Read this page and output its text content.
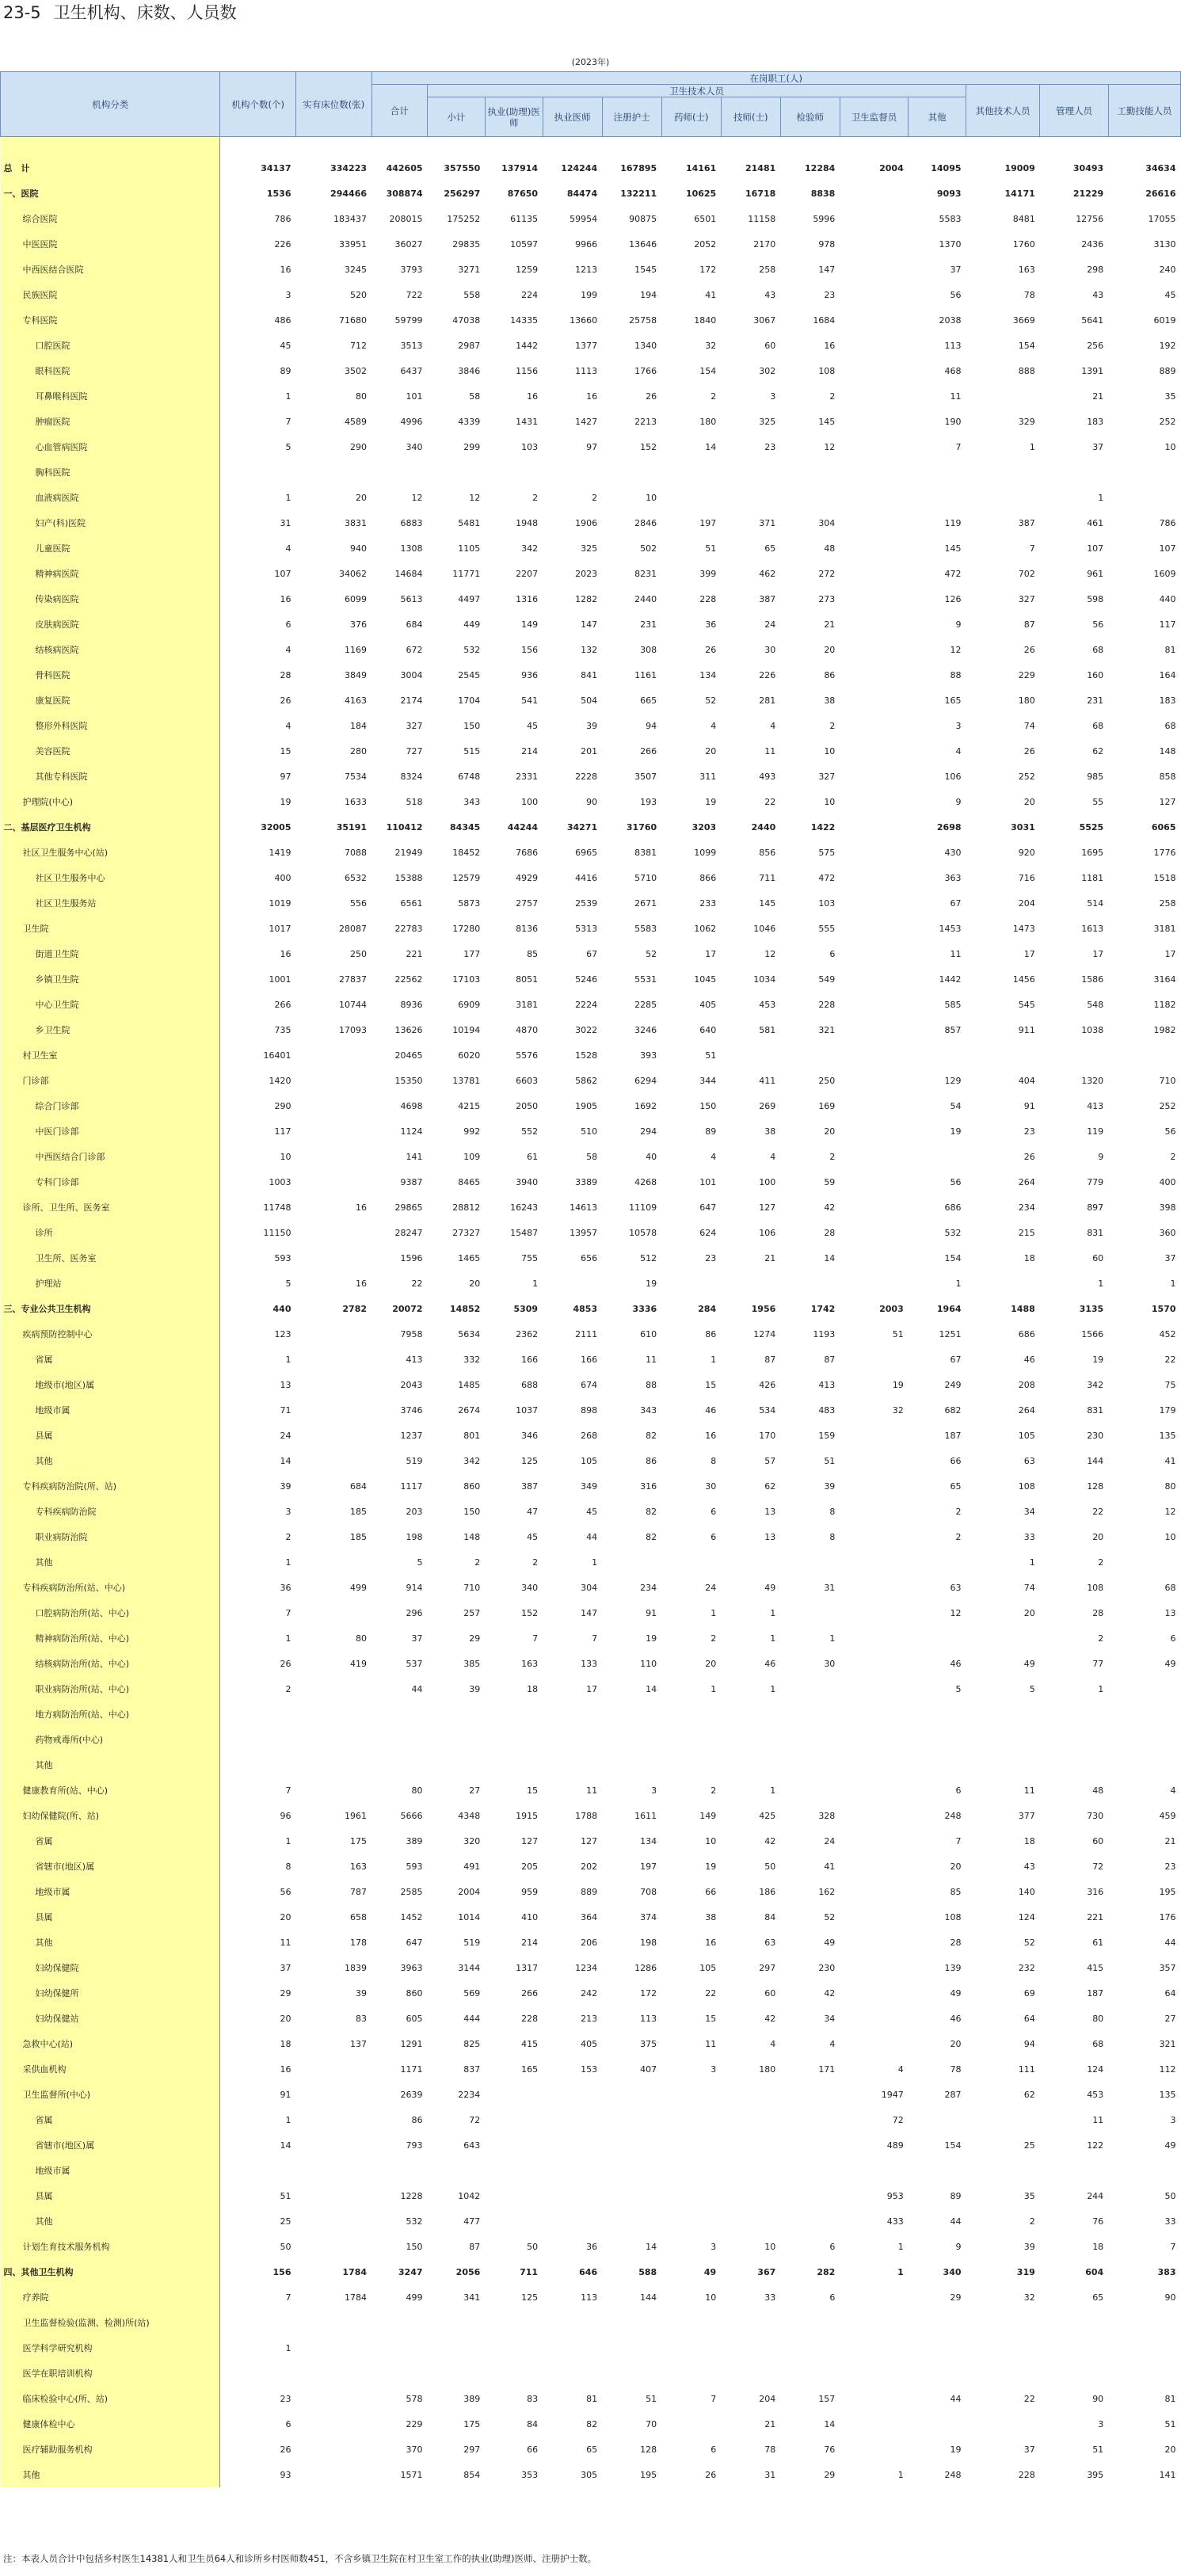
23-5 卫生机构、床数、人员数
(2023年)
机构分类	机构个数(个)	实有床位数(张)	在岗职工(人)												
			合计	卫生技术人员									其他技术人员	管理人员	工勤技能人员
				小计	执业(助理)医师	执业医师	注册护士	药师(士)	技师(士)	检验师	卫生监督员	其他			

总　计	34137	334223	442605	357550	137914	124244	167895	14161	21481	12284	2004	14095	19009	30493	34634
一、医院	1536	294466	308874	256297	87650	84474	132211	10625	16718	8838		9093	14171	21229	26616
综合医院	786	183437	208015	175252	61135	59954	90875	6501	11158	5996		5583	8481	12756	17055
中医医院	226	33951	36027	29835	10597	9966	13646	2052	2170	978		1370	1760	2436	3130
中西医结合医院	16	3245	3793	3271	1259	1213	1545	172	258	147		37	163	298	240
民族医院	3	520	722	558	224	199	194	41	43	23		56	78	43	45
专科医院	486	71680	59799	47038	14335	13660	25758	1840	3067	1684		2038	3669	5641	6019
口腔医院	45	712	3513	2987	1442	1377	1340	32	60	16		113	154	256	192
眼科医院	89	3502	6437	3846	1156	1113	1766	154	302	108		468	888	1391	889
耳鼻喉科医院	1	80	101	58	16	16	26	2	3	2		11		21	35
肿瘤医院	7	4589	4996	4339	1431	1427	2213	180	325	145		190	329	183	252
心血管病医院	5	290	340	299	103	97	152	14	23	12		7	1	37	10
胸科医院															
血液病医院	1	20	12	12	2	2	10							1	
妇产(科)医院	31	3831	6883	5481	1948	1906	2846	197	371	304		119	387	461	786
儿童医院	4	940	1308	1105	342	325	502	51	65	48		145	7	107	107
精神病医院	107	34062	14684	11771	2207	2023	8231	399	462	272		472	702	961	1609
传染病医院	16	6099	5613	4497	1316	1282	2440	228	387	273		126	327	598	440
皮肤病医院	6	376	684	449	149	147	231	36	24	21		9	87	56	117
结核病医院	4	1169	672	532	156	132	308	26	30	20		12	26	68	81
骨科医院	28	3849	3004	2545	936	841	1161	134	226	86		88	229	160	164
康复医院	26	4163	2174	1704	541	504	665	52	281	38		165	180	231	183
整形外科医院	4	184	327	150	45	39	94	4	4	2		3	74	68	68
美容医院	15	280	727	515	214	201	266	20	11	10		4	26	62	148
其他专科医院	97	7534	8324	6748	2331	2228	3507	311	493	327		106	252	985	858
护理院(中心)	19	1633	518	343	100	90	193	19	22	10		9	20	55	127
二、基层医疗卫生机构	32005	35191	110412	84345	44244	34271	31760	3203	2440	1422		2698	3031	5525	6065
社区卫生服务中心(站)	1419	7088	21949	18452	7686	6965	8381	1099	856	575		430	920	1695	1776
社区卫生服务中心	400	6532	15388	12579	4929	4416	5710	866	711	472		363	716	1181	1518
社区卫生服务站	1019	556	6561	5873	2757	2539	2671	233	145	103		67	204	514	258
卫生院	1017	28087	22783	17280	8136	5313	5583	1062	1046	555		1453	1473	1613	3181
街道卫生院	16	250	221	177	85	67	52	17	12	6		11	17	17	17
乡镇卫生院	1001	27837	22562	17103	8051	5246	5531	1045	1034	549		1442	1456	1586	3164
中心卫生院	266	10744	8936	6909	3181	2224	2285	405	453	228		585	545	548	1182
乡卫生院	735	17093	13626	10194	4870	3022	3246	640	581	321		857	911	1038	1982
村卫生室	16401		20465	6020	5576	1528	393	51							
门诊部	1420		15350	13781	6603	5862	6294	344	411	250		129	404	1320	710
综合门诊部	290		4698	4215	2050	1905	1692	150	269	169		54	91	413	252
中医门诊部	117		1124	992	552	510	294	89	38	20		19	23	119	56
中西医结合门诊部	10		141	109	61	58	40	4	4	2			26	9	2
专科门诊部	1003		9387	8465	3940	3389	4268	101	100	59		56	264	779	400
诊所、卫生所、医务室	11748	16	29865	28812	16243	14613	11109	647	127	42		686	234	897	398
诊所	11150		28247	27327	15487	13957	10578	624	106	28		532	215	831	360
卫生所、医务室	593		1596	1465	755	656	512	23	21	14		154	18	60	37
护理站	5	16	22	20	1		19					1		1	1
三、专业公共卫生机构	440	2782	20072	14852	5309	4853	3336	284	1956	1742	2003	1964	1488	3135	1570
疾病预防控制中心	123		7958	5634	2362	2111	610	86	1274	1193	51	1251	686	1566	452
省属	1		413	332	166	166	11	1	87	87		67	46	19	22
地级市(地区)属	13		2043	1485	688	674	88	15	426	413	19	249	208	342	75
地级市属	71		3746	2674	1037	898	343	46	534	483	32	682	264	831	179
县属	24		1237	801	346	268	82	16	170	159		187	105	230	135
其他	14		519	342	125	105	86	8	57	51		66	63	144	41
专科疾病防治院(所、站)	39	684	1117	860	387	349	316	30	62	39		65	108	128	80
专科疾病防治院	3	185	203	150	47	45	82	6	13	8		2	34	22	12
职业病防治院	2	185	198	148	45	44	82	6	13	8		2	33	20	10
其他	1		5	2	2	1							1	2	
专科疾病防治所(站、中心)	36	499	914	710	340	304	234	24	49	31		63	74	108	68
口腔病防治所(站、中心)	7		296	257	152	147	91	1	1			12	20	28	13
精神病防治所(站、中心)	1	80	37	29	7	7	19	2	1	1				2	6
结核病防治所(站、中心)	26	419	537	385	163	133	110	20	46	30		46	49	77	49
职业病防治所(站、中心)	2		44	39	18	17	14	1	1			5	5	1	
地方病防治所(站、中心)															
药物戒毒所(中心)															
其他															
健康教育所(站、中心)	7		80	27	15	11	3	2	1			6	11	48	4
妇幼保健院(所、站)	96	1961	5666	4348	1915	1788	1611	149	425	328		248	377	730	459
省属	1	175	389	320	127	127	134	10	42	24		7	18	60	21
省辖市(地区)属	8	163	593	491	205	202	197	19	50	41		20	43	72	23
地级市属	56	787	2585	2004	959	889	708	66	186	162		85	140	316	195
县属	20	658	1452	1014	410	364	374	38	84	52		108	124	221	176
其他	11	178	647	519	214	206	198	16	63	49		28	52	61	44
妇幼保健院	37	1839	3963	3144	1317	1234	1286	105	297	230		139	232	415	357
妇幼保健所	29	39	860	569	266	242	172	22	60	42		49	69	187	64
妇幼保健站	20	83	605	444	228	213	113	15	42	34		46	64	80	27
急救中心(站)	18	137	1291	825	415	405	375	11	4	4		20	94	68	321
采供血机构	16		1171	837	165	153	407	3	180	171	4	78	111	124	112
卫生监督所(中心)	91		2639	2234							1947	287	62	453	135
省属	1		86	72							72			11	3
省辖市(地区)属	14		793	643							489	154	25	122	49
地级市属															
县属	51		1228	1042							953	89	35	244	50
其他	25		532	477							433	44	2	76	33
计划生育技术服务机构	50		150	87	50	36	14	3	10	6	1	9	39	18	7
四、其他卫生机构	156	1784	3247	2056	711	646	588	49	367	282	1	340	319	604	383
疗养院	7	1784	499	341	125	113	144	10	33	6		29	32	65	90
卫生监督检验(监测、检测)所(站)															
医学科学研究机构	1														
医学在职培训机构															
临床检验中心(所、站)	23		578	389	83	81	51	7	204	157		44	22	90	81
健康体检中心	6		229	175	84	82	70		21	14				3	51
医疗辅助服务机构	26		370	297	66	65	128	6	78	76		19	37	51	20
其他	93		1571	854	353	305	195	26	31	29	1	248	228	395	141
注：本表人员合计中包括乡村医生14381人和卫生员64人和诊所乡村医师数451，不含乡镇卫生院在村卫生室工作的执业(助理)医师、注册护士数。
